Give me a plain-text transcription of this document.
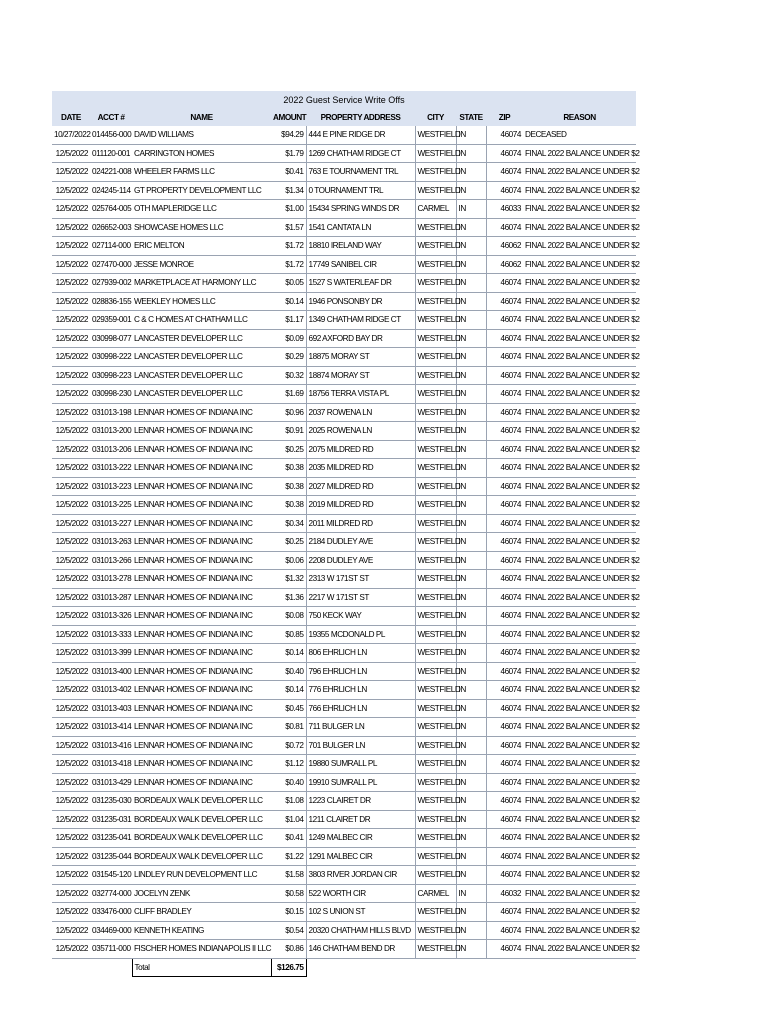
2022 Guest Service Write Offs
DATE	ACCT #	NAME	AMOUNT	PROPERTY ADDRESS	CITY	STATE	ZIP	REASON
10/27/2022	014456-000	DAVID WILLIAMS	$94.29	444 E PINE RIDGE DR	WESTFIELD	IN	46074	DECEASED
12/5/2022	011120-001	CARRINGTON HOMES	$1.79	1269 CHATHAM RIDGE CT	WESTFIELD	IN	46074	FINAL 2022 BALANCE UNDER $2
12/5/2022	024221-008	WHEELER FARMS LLC	$0.41	763 E TOURNAMENT TRL	WESTFIELD	IN	46074	FINAL 2022 BALANCE UNDER $2
12/5/2022	024245-114	GT PROPERTY DEVELOPMENT LLC	$1.34	0 TOURNAMENT TRL	WESTFIELD	IN	46074	FINAL 2022 BALANCE UNDER $2
12/5/2022	025764-005	OTH MAPLERIDGE LLC	$1.00	15434 SPRING WINDS DR	CARMEL	IN	46033	FINAL 2022 BALANCE UNDER $2
12/5/2022	026652-003	SHOWCASE HOMES LLC	$1.57	1541 CANTATA LN	WESTFIELD	IN	46074	FINAL 2022 BALANCE UNDER $2
12/5/2022	027114-000	ERIC MELTON	$1.72	18810 IRELAND WAY	WESTFIELD	IN	46062	FINAL 2022 BALANCE UNDER $2
12/5/2022	027470-000	JESSE MONROE	$1.72	17749 SANIBEL CIR	WESTFIELD	IN	46062	FINAL 2022 BALANCE UNDER $2
12/5/2022	027939-002	MARKETPLACE AT HARMONY LLC	$0.05	1527 S WATERLEAF DR	WESTFIELD	IN	46074	FINAL 2022 BALANCE UNDER $2
12/5/2022	028836-155	WEEKLEY HOMES LLC	$0.14	1946 PONSONBY DR	WESTFIELD	IN	46074	FINAL 2022 BALANCE UNDER $2
12/5/2022	029359-001	C & C HOMES AT CHATHAM LLC	$1.17	1349 CHATHAM RIDGE CT	WESTFIELD	IN	46074	FINAL 2022 BALANCE UNDER $2
12/5/2022	030998-077	LANCASTER DEVELOPER LLC	$0.09	692 AXFORD BAY DR	WESTFIELD	IN	46074	FINAL 2022 BALANCE UNDER $2
12/5/2022	030998-222	LANCASTER DEVELOPER LLC	$0.29	18875 MORAY ST	WESTFIELD	IN	46074	FINAL 2022 BALANCE UNDER $2
12/5/2022	030998-223	LANCASTER DEVELOPER LLC	$0.32	18874 MORAY ST	WESTFIELD	IN	46074	FINAL 2022 BALANCE UNDER $2
12/5/2022	030998-230	LANCASTER DEVELOPER LLC	$1.69	18756 TERRA VISTA PL	WESTFIELD	IN	46074	FINAL 2022 BALANCE UNDER $2
12/5/2022	031013-198	LENNAR HOMES OF INDIANA INC	$0.96	2037 ROWENA LN	WESTFIELD	IN	46074	FINAL 2022 BALANCE UNDER $2
12/5/2022	031013-200	LENNAR HOMES OF INDIANA INC	$0.91	2025 ROWENA LN	WESTFIELD	IN	46074	FINAL 2022 BALANCE UNDER $2
12/5/2022	031013-206	LENNAR HOMES OF INDIANA INC	$0.25	2075 MILDRED RD	WESTFIELD	IN	46074	FINAL 2022 BALANCE UNDER $2
12/5/2022	031013-222	LENNAR HOMES OF INDIANA INC	$0.38	2035 MILDRED RD	WESTFIELD	IN	46074	FINAL 2022 BALANCE UNDER $2
12/5/2022	031013-223	LENNAR HOMES OF INDIANA INC	$0.38	2027 MILDRED RD	WESTFIELD	IN	46074	FINAL 2022 BALANCE UNDER $2
12/5/2022	031013-225	LENNAR HOMES OF INDIANA INC	$0.38	2019 MILDRED RD	WESTFIELD	IN	46074	FINAL 2022 BALANCE UNDER $2
12/5/2022	031013-227	LENNAR HOMES OF INDIANA INC	$0.34	2011 MILDRED RD	WESTFIELD	IN	46074	FINAL 2022 BALANCE UNDER $2
12/5/2022	031013-263	LENNAR HOMES OF INDIANA INC	$0.25	2184 DUDLEY AVE	WESTFIELD	IN	46074	FINAL 2022 BALANCE UNDER $2
12/5/2022	031013-266	LENNAR HOMES OF INDIANA INC	$0.06	2208 DUDLEY AVE	WESTFIELD	IN	46074	FINAL 2022 BALANCE UNDER $2
12/5/2022	031013-278	LENNAR HOMES OF INDIANA INC	$1.32	2313 W 171ST ST	WESTFIELD	IN	46074	FINAL 2022 BALANCE UNDER $2
12/5/2022	031013-287	LENNAR HOMES OF INDIANA INC	$1.36	2217 W 171ST ST	WESTFIELD	IN	46074	FINAL 2022 BALANCE UNDER $2
12/5/2022	031013-326	LENNAR HOMES OF INDIANA INC	$0.08	750 KECK WAY	WESTFIELD	IN	46074	FINAL 2022 BALANCE UNDER $2
12/5/2022	031013-333	LENNAR HOMES OF INDIANA INC	$0.85	19355 MCDONALD PL	WESTFIELD	IN	46074	FINAL 2022 BALANCE UNDER $2
12/5/2022	031013-399	LENNAR HOMES OF INDIANA INC	$0.14	806 EHRLICH LN	WESTFIELD	IN	46074	FINAL 2022 BALANCE UNDER $2
12/5/2022	031013-400	LENNAR HOMES OF INDIANA INC	$0.40	796 EHRLICH LN	WESTFIELD	IN	46074	FINAL 2022 BALANCE UNDER $2
12/5/2022	031013-402	LENNAR HOMES OF INDIANA INC	$0.14	776 EHRLICH LN	WESTFIELD	IN	46074	FINAL 2022 BALANCE UNDER $2
12/5/2022	031013-403	LENNAR HOMES OF INDIANA INC	$0.45	766 EHRLICH LN	WESTFIELD	IN	46074	FINAL 2022 BALANCE UNDER $2
12/5/2022	031013-414	LENNAR HOMES OF INDIANA INC	$0.81	711 BULGER LN	WESTFIELD	IN	46074	FINAL 2022 BALANCE UNDER $2
12/5/2022	031013-416	LENNAR HOMES OF INDIANA INC	$0.72	701 BULGER LN	WESTFIELD	IN	46074	FINAL 2022 BALANCE UNDER $2
12/5/2022	031013-418	LENNAR HOMES OF INDIANA INC	$1.12	19880 SUMRALL PL	WESTFIELD	IN	46074	FINAL 2022 BALANCE UNDER $2
12/5/2022	031013-429	LENNAR HOMES OF INDIANA INC	$0.40	19910 SUMRALL PL	WESTFIELD	IN	46074	FINAL 2022 BALANCE UNDER $2
12/5/2022	031235-030	BORDEAUX WALK DEVELOPER LLC	$1.08	1223 CLAIRET DR	WESTFIELD	IN	46074	FINAL 2022 BALANCE UNDER $2
12/5/2022	031235-031	BORDEAUX WALK DEVELOPER LLC	$1.04	1211 CLAIRET DR	WESTFIELD	IN	46074	FINAL 2022 BALANCE UNDER $2
12/5/2022	031235-041	BORDEAUX WALK DEVELOPER LLC	$0.41	1249 MALBEC CIR	WESTFIELD	IN	46074	FINAL 2022 BALANCE UNDER $2
12/5/2022	031235-044	BORDEAUX WALK DEVELOPER LLC	$1.22	1291 MALBEC CIR	WESTFIELD	IN	46074	FINAL 2022 BALANCE UNDER $2
12/5/2022	031545-120	LINDLEY RUN DEVELOPMENT LLC	$1.58	3803 RIVER JORDAN CIR	WESTFIELD	IN	46074	FINAL 2022 BALANCE UNDER $2
12/5/2022	032774-000	JOCELYN ZENK	$0.58	522 WORTH CIR	CARMEL	IN	46032	FINAL 2022 BALANCE UNDER $2
12/5/2022	033476-000	CLIFF BRADLEY	$0.15	102 S UNION ST	WESTFIELD	IN	46074	FINAL 2022 BALANCE UNDER $2
12/5/2022	034469-000	KENNETH KEATING	$0.54	20320 CHATHAM HILLS BLVD	WESTFIELD	IN	46074	FINAL 2022 BALANCE UNDER $2
12/5/2022	035711-000	FISCHER HOMES INDIANAPOLIS II LLC	$0.86	146 CHATHAM BEND DR	WESTFIELD	IN	46074	FINAL 2022 BALANCE UNDER $2
		Total	$126.75					
